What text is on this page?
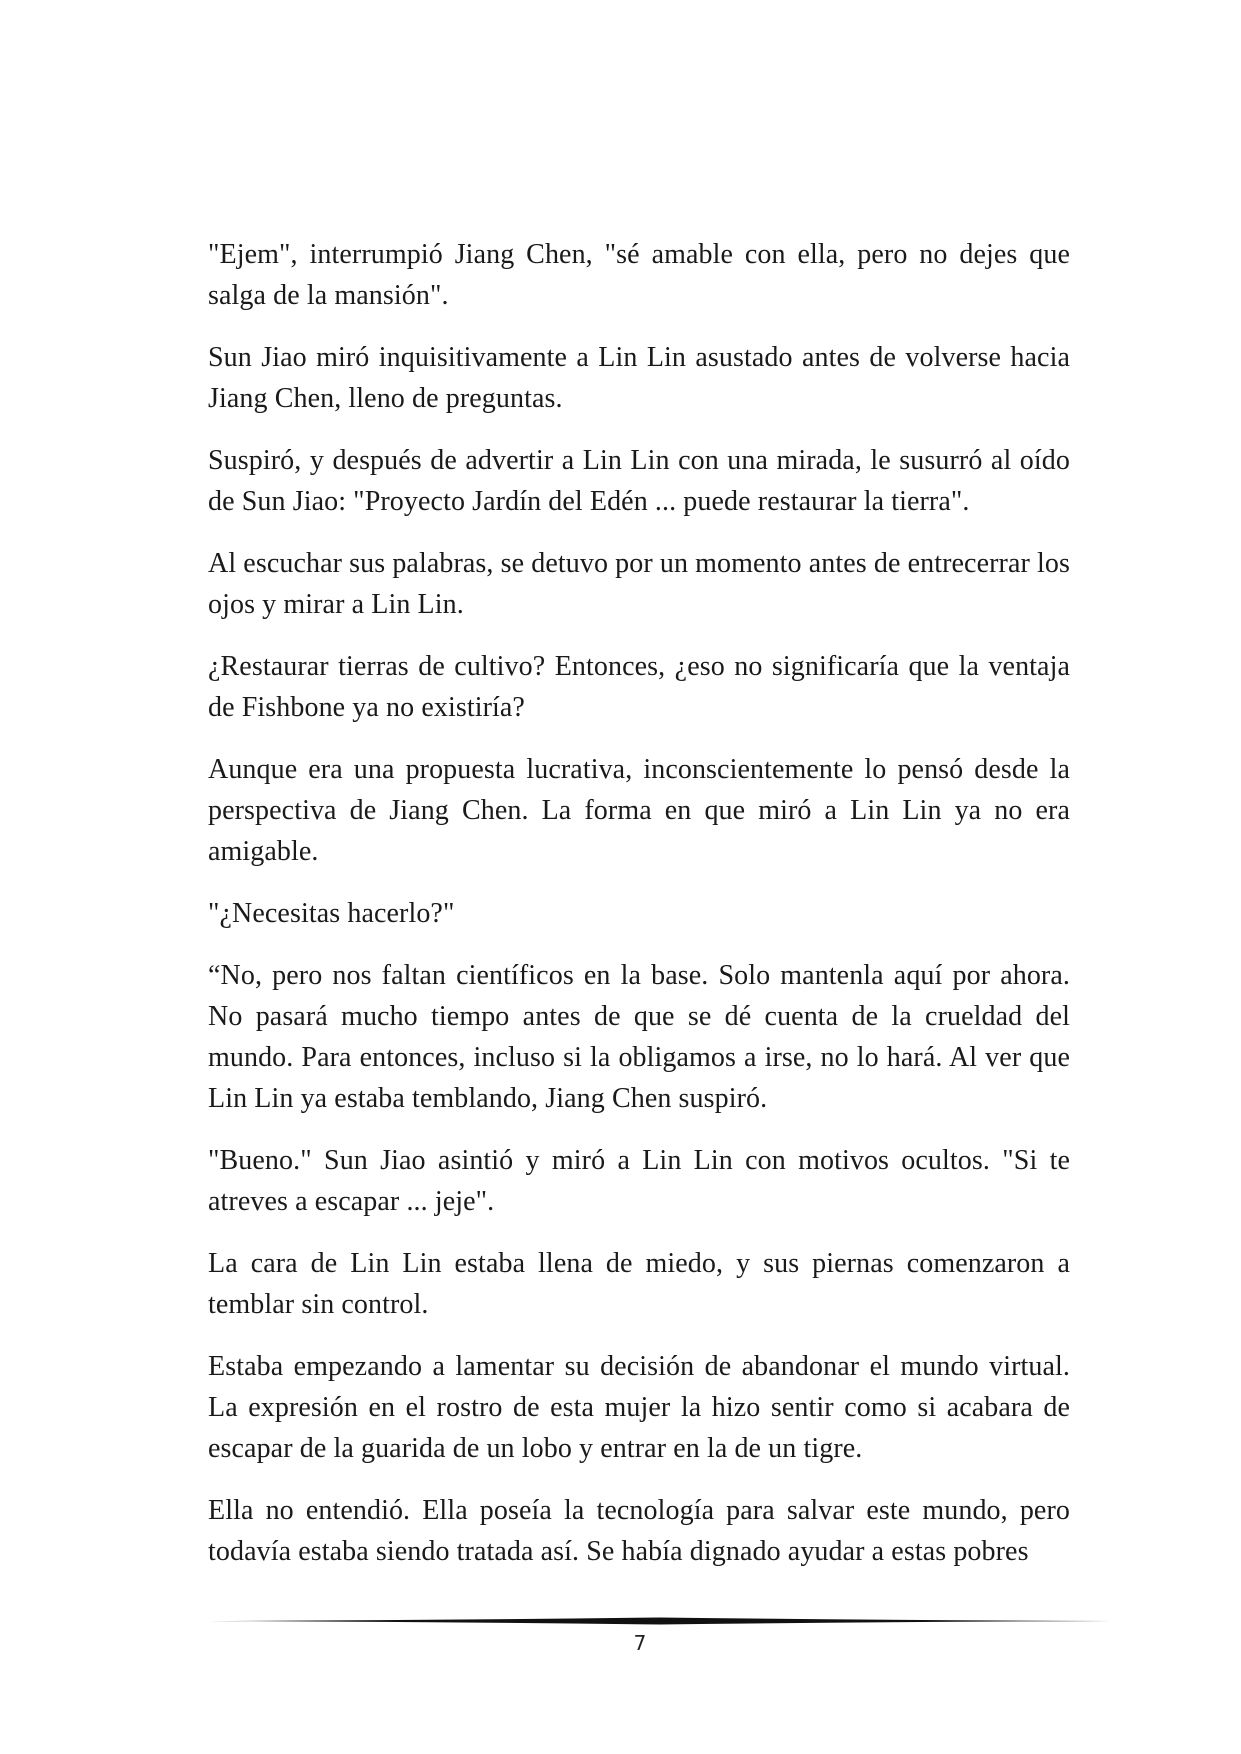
"Ejem", interrumpió Jiang Chen, "sé amable con ella, pero no dejes que salga de la mansión".

Sun Jiao miró inquisitivamente a Lin Lin asustado antes de volverse hacia Jiang Chen, lleno de preguntas.

Suspiró, y después de advertir a Lin Lin con una mirada, le susurró al oído de Sun Jiao: "Proyecto Jardín del Edén ... puede restaurar la tierra".

Al escuchar sus palabras, se detuvo por un momento antes de entrecerrar los ojos y mirar a Lin Lin.

¿Restaurar tierras de cultivo? Entonces, ¿eso no significaría que la ventaja de Fishbone ya no existiría?

Aunque era una propuesta lucrativa, inconscientemente lo pensó desde la perspectiva de Jiang Chen. La forma en que miró a Lin Lin ya no era amigable.

"¿Necesitas hacerlo?"

“No, pero nos faltan científicos en la base. Solo mantenla aquí por ahora. No pasará mucho tiempo antes de que se dé cuenta de la crueldad del mundo. Para entonces, incluso si la obligamos a irse, no lo hará. Al ver que Lin Lin ya estaba temblando, Jiang Chen suspiró.

"Bueno." Sun Jiao asintió y miró a Lin Lin con motivos ocultos. "Si te atreves a escapar ... jeje".

La cara de Lin Lin estaba llena de miedo, y sus piernas comenzaron a temblar sin control.

Estaba empezando a lamentar su decisión de abandonar el mundo virtual. La expresión en el rostro de esta mujer la hizo sentir como si acabara de escapar de la guarida de un lobo y entrar en la de un tigre.

Ella no entendió. Ella poseía la tecnología para salvar este mundo, pero todavía estaba siendo tratada así. Se había dignado ayudar a estas pobres

7
